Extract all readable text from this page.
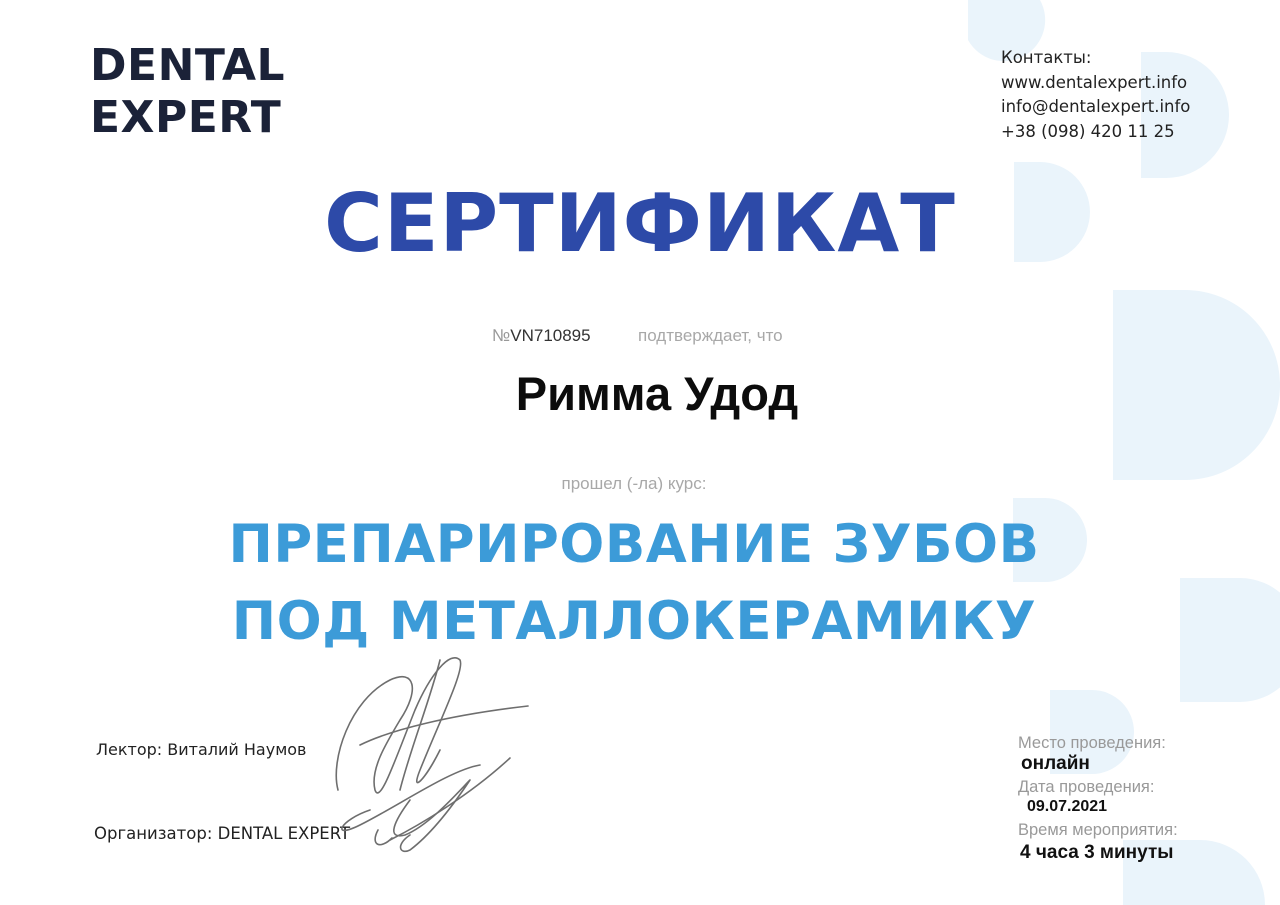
DENTAL
EXPERT
Контакты:
www.dentalexpert.info
info@dentalexpert.info
+38 (098) 420 11 25
СЕРТИФИКАТ
№VN710895	подтверждает, что
Римма Удод
прошел (-ла) курс:
ПРЕПАРИРОВАНИЕ ЗУБОВ
ПОД МЕТАЛЛОКЕРАМИКУ
Лектор: Виталий Наумов
Организатор: DENTAL EXPERT
Место проведения:
онлайн
Дата проведения:
09.07.2021
Время мероприятия:
4 часа 3 минуты
